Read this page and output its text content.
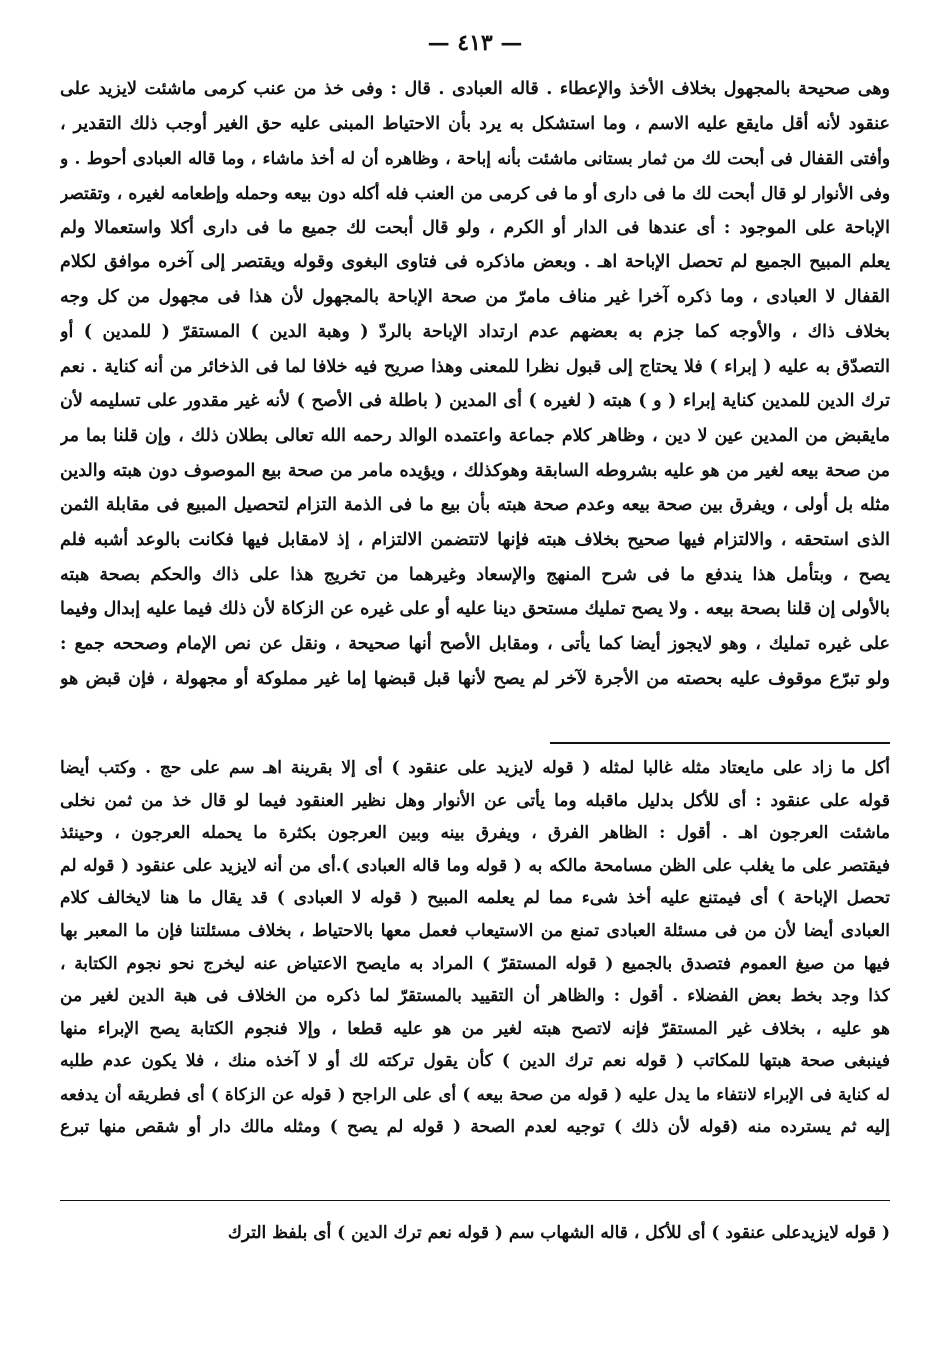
— ٤١٣ —
وهى صحيحة بالمجهول بخلاف الأخذ والإعطاء . قاله العبادى . قال : وفى خذ من عنب كرمى ماشئت لايزيد على
عنقود لأنه أقل مايقع عليه الاسم ، وما استشكل به يرد بأن الاحتياط المبنى عليه حق الغير أوجب ذلك التقدير ،
وأفتى القفال فى أبحت لك من ثمار بستانى ماشئت بأنه إباحة ، وظاهره أن له أخذ ماشاء ، وما قاله العبادى أحوط . و
وفى الأنوار لو قال أبحت لك ما فى دارى أو ما فى كرمى من العنب فله أكله دون بيعه وحمله وإطعامه لغيره ، وتقتصر
الإباحة على الموجود : أى عندها فى الدار أو الكرم ، ولو قال أبحت لك جميع ما فى دارى أكلا واستعمالا ولم
يعلم المبيح الجميع لم تحصل الإباحة اهـ . وبعض ماذكره فى فتاوى البغوى وقوله ويقتصر إلى آخره موافق لكلام
القفال لا العبادى ، وما ذكره آخرا غير مناف مامرّ من صحة الإباحة بالمجهول لأن هذا فى مجهول من كل وجه
بخلاف ذاك ، والأوجه كما جزم به بعضهم عدم ارتداد الإباحة بالردّ ( وهبة الدين ) المستقرّ ( للمدين ) أو
التصدّق به عليه ( إبراء ) فلا يحتاج إلى قبول نظرا للمعنى وهذا صريح فيه خلافا لما فى الذخائر من أنه كناية . نعم
ترك الدين للمدين كناية إبراء ( و ) هبته ( لغيره ) أى المدين ( باطلة فى الأصح ) لأنه غير مقدور على تسليمه لأن
مايقبض من المدين عين لا دين ، وظاهر كلام جماعة واعتمده الوالد رحمه الله تعالى بطلان ذلك ، وإن قلنا بما مر
من صحة بيعه لغير من هو عليه بشروطه السابقة وهوكذلك ، ويؤيده مامر من صحة بيع الموصوف دون هبته والدين
مثله بل أولى ، ويفرق بين صحة بيعه وعدم صحة هبته بأن بيع ما فى الذمة التزام لتحصيل المبيع فى مقابلة الثمن
الذى استحقه ، والالتزام فيها صحيح بخلاف هبته فإنها لاتتضمن الالتزام ، إذ لامقابل فيها فكانت بالوعد أشبه فلم
يصح ، وبتأمل هذا يندفع ما فى شرح المنهج والإسعاد وغيرهما من تخريج هذا على ذاك والحكم بصحة هبته
بالأولى إن قلنا بصحة بيعه . ولا يصح تمليك مستحق دينا عليه أو على غيره عن الزكاة لأن ذلك فيما عليه إبدال وفيما
على غيره تمليك ، وهو لايجوز أيضا كما يأتى ، ومقابل الأصح أنها صحيحة ، ونقل عن نص الإمام وصححه جمع :
ولو تبرّع موقوف عليه بحصته من الأجرة لآخر لم يصح لأنها قبل قبضها إما غير مملوكة أو مجهولة ، فإن قبض هو
أكل ما زاد على مايعتاد مثله غالبا لمثله ( قوله لايزيد على عنقود ) أى إلا بقرينة اهـ سم على حج . وكتب أيضا
قوله على عنقود : أى للأكل بدليل ماقبله وما يأتى عن الأنوار وهل نظير العنقود فيما لو قال خذ من ثمن نخلى
ماشئت العرجون اهـ . أقول : الظاهر الفرق ، ويفرق بينه وبين العرجون بكثرة ما يحمله العرجون ، وحينئذ
فيقتصر على ما يغلب على الظن مسامحة مالكه به ( قوله وما قاله العبادى ).أى من أنه لايزيد على عنقود ( قوله لم
تحصل الإباحة ) أى فيمتنع عليه أخذ شىء مما لم يعلمه المبيح ( قوله لا العبادى ) قد يقال ما هنا لايخالف كلام
العبادى أيضا لأن من فى مسئلة العبادى تمنع من الاستيعاب فعمل معها بالاحتياط ، بخلاف مسئلتنا فإن ما المعبر بها
فيها من صيغ العموم فتصدق بالجميع ( قوله المستقرّ ) المراد به مايصح الاعتياض عنه ليخرج نحو نجوم الكتابة ،
كذا وجد بخط بعض الفضلاء . أقول : والظاهر أن التقييد بالمستقرّ لما ذكره من الخلاف فى هبة الدين لغير من
هو عليه ، بخلاف غير المستقرّ فإنه لاتصح هبته لغير من هو عليه قطعا ، وإلا فنجوم الكتابة يصح الإبراء منها
فينبغى صحة هبتها للمكاتب ( قوله نعم ترك الدين ) كأن يقول تركته لك أو لا آخذه منك ، فلا يكون عدم طلبه
له كناية فى الإبراء لانتفاء ما يدل عليه ( قوله من صحة بيعه ) أى على الراجح ( قوله عن الزكاة ) أى فطريقه أن يدفعه
إليه ثم يسترده منه (قوله لأن ذلك ) توجيه لعدم الصحة ( قوله لم يصح ) ومثله مالك دار أو شقص منها تبرع
( قوله لايزيدعلى عنقود ) أى للأكل ، قاله الشهاب سم ( قوله نعم ترك الدين ) أى بلفظ الترك
